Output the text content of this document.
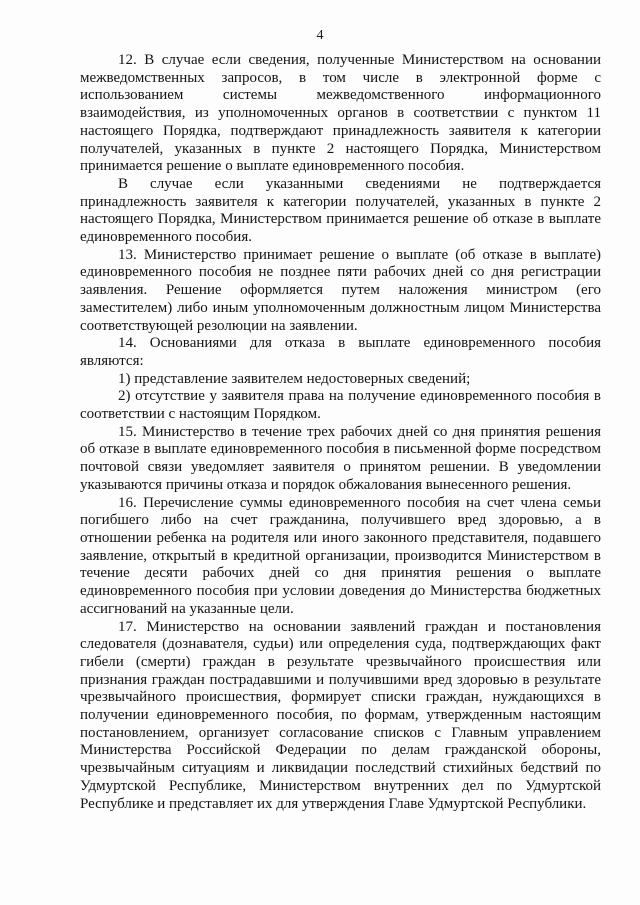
4

12. В случае если сведения, полученные Министерством на основании межведомственных запросов, в том числе в электронной форме с использованием системы межведомственного информационного взаимодействия, из уполномоченных органов в соответствии с пунктом 11 настоящего Порядка, подтверждают принадлежность заявителя к категории получателей, указанных в пункте 2 настоящего Порядка, Министерством принимается решение о выплате единовременного пособия.

В случае если указанными сведениями не подтверждается принадлежность заявителя к категории получателей, указанных в пункте 2 настоящего Порядка, Министерством принимается решение об отказе в выплате единовременного пособия.

13. Министерство принимает решение о выплате (об отказе в выплате) единовременного пособия не позднее пяти рабочих дней со дня регистрации заявления. Решение оформляется путем наложения министром (его заместителем) либо иным уполномоченным должностным лицом Министерства соответствующей резолюции на заявлении.

14. Основаниями для отказа в выплате единовременного пособия являются:

1) представление заявителем недостоверных сведений;

2) отсутствие у заявителя права на получение единовременного пособия в соответствии с настоящим Порядком.

15. Министерство в течение трех рабочих дней со дня принятия решения об отказе в выплате единовременного пособия в письменной форме посредством почтовой связи уведомляет заявителя о принятом решении. В уведомлении указываются причины отказа и порядок обжалования вынесенного решения.

16. Перечисление суммы единовременного пособия на счет члена семьи погибшего либо на счет гражданина, получившего вред здоровью, а в отношении ребенка на родителя или иного законного представителя, подавшего заявление, открытый в кредитной организации, производится Министерством в течение десяти рабочих дней со дня принятия решения о выплате единовременного пособия при условии доведения до Министерства бюджетных ассигнований на указанные цели.

17. Министерство на основании заявлений граждан и постановления следователя (дознавателя, судьи) или определения суда, подтверждающих факт гибели (смерти) граждан в результате чрезвычайного происшествия или признания граждан пострадавшими и получившими вред здоровью в результате чрезвычайного происшествия, формирует списки граждан, нуждающихся в получении единовременного пособия, по формам, утвержденным настоящим постановлением, организует согласование списков с Главным управлением Министерства Российской Федерации по делам гражданской обороны, чрезвычайным ситуациям и ликвидации последствий стихийных бедствий по Удмуртской Республике, Министерством внутренних дел по Удмуртской Республике и представляет их для утверждения Главе Удмуртской Республики.
